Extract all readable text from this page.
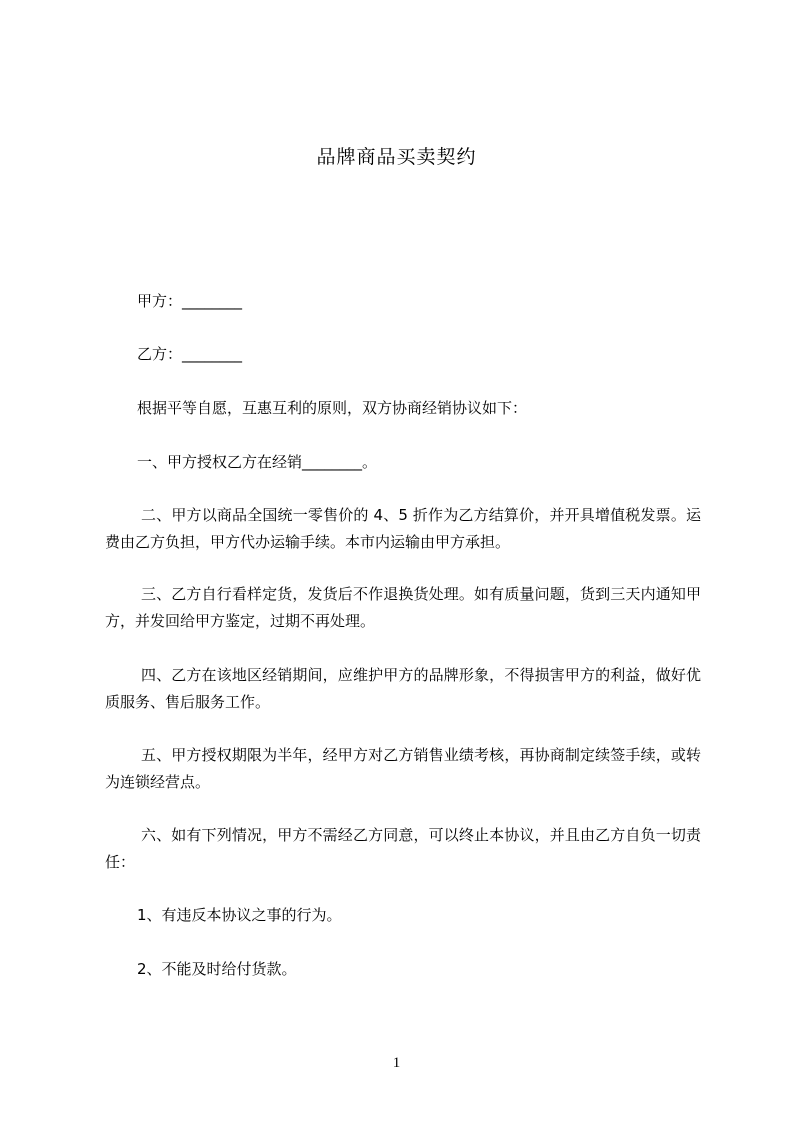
品牌商品买卖契约
甲方：________
乙方：________
根据平等自愿，互惠互利的原则，双方协商经销协议如下：
一、甲方授权乙方在经销________。
二、甲方以商品全国统一零售价的 4、5 折作为乙方结算价，并开具增值税发票。运费由乙方负担，甲方代办运输手续。本市内运输由甲方承担。
三、乙方自行看样定货，发货后不作退换货处理。如有质量问题，货到三天内通知甲方，并发回给甲方鉴定，过期不再处理。
四、乙方在该地区经销期间，应维护甲方的品牌形象，不得损害甲方的利益，做好优质服务、售后服务工作。
五、甲方授权期限为半年，经甲方对乙方销售业绩考核，再协商制定续签手续，或转为连锁经营点。
六、如有下列情况，甲方不需经乙方同意，可以终止本协议，并且由乙方自负一切责任：
1、有违反本协议之事的行为。
2、不能及时给付货款。
1
